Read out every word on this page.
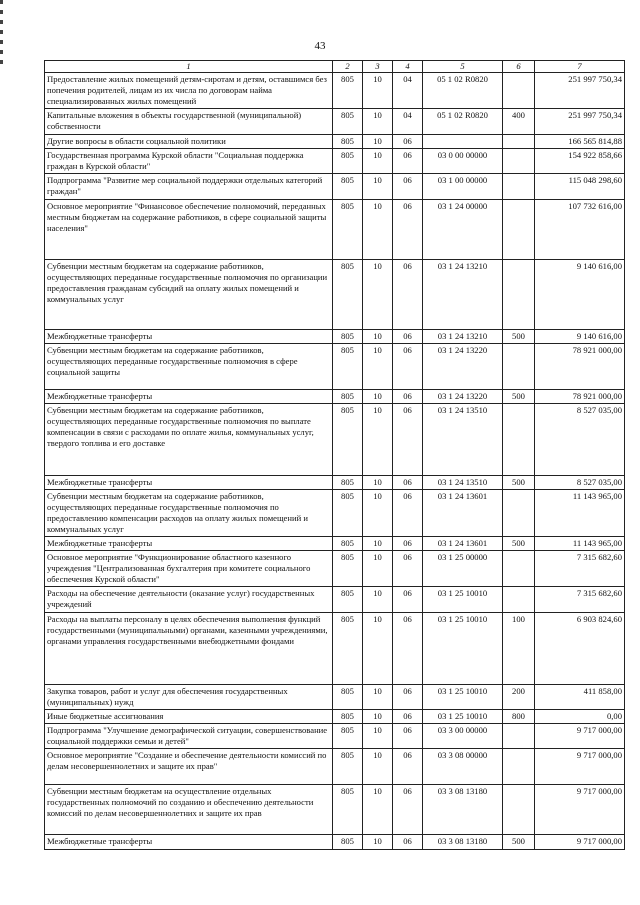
43
1	2	3	4	5	6	7
Предоставление жилых помещений детям-сиротам и детям, оставшимся без попечения родителей, лицам из их числа по договорам найма специализированных жилых помещений	805	10	04	05 1 02 R0820		251 997 750,34
Капитальные вложения в объекты государственной (муниципальной) собственности	805	10	04	05 1 02 R0820	400	251 997 750,34
Другие вопросы в области социальной политики	805	10	06			166 565 814,88
Государственная программа Курской области "Социальная поддержка граждан в Курской области"	805	10	06	03 0 00 00000		154 922 858,66
Подпрограмма "Развитие мер социальной поддержки отдельных категорий граждан"	805	10	06	03 1 00 00000		115 048 298,60
Основное мероприятие "Финансовое обеспечение полномочий, переданных местным бюджетам на содержание работников, в сфере социальной защиты населения"	805	10	06	03 1 24 00000		107 732 616,00
Субвенции местным бюджетам на содержание работников, осуществляющих переданные государственные полномочия по организации предоставления гражданам субсидий на оплату жилых помещений и коммунальных услуг	805	10	06	03 1 24 13210		9 140 616,00
Межбюджетные трансферты	805	10	06	03 1 24 13210	500	9 140 616,00
Субвенции местным бюджетам на содержание работников, осуществляющих переданные государственные полномочия в сфере социальной защиты	805	10	06	03 1 24 13220		78 921 000,00
Межбюджетные трансферты	805	10	06	03 1 24 13220	500	78 921 000,00
Субвенции местным бюджетам на содержание работников, осуществляющих переданные государственные полномочия по выплате компенсации в связи с расходами по оплате жилья, коммунальных услуг, твердого топлива и его доставке	805	10	06	03 1 24 13510		8 527 035,00
Межбюджетные трансферты	805	10	06	03 1 24 13510	500	8 527 035,00
Субвенции местным бюджетам на содержание работников, осуществляющих переданные государственные полномочия по предоставлению компенсации расходов на оплату жилых помещений и коммунальных услуг	805	10	06	03 1 24 13601		11 143 965,00
Межбюджетные трансферты	805	10	06	03 1 24 13601	500	11 143 965,00
Основное мероприятие "Функционирование областного казенного учреждения "Централизованная бухгалтерия при комитете социального обеспечения Курской области"	805	10	06	03 1 25 00000		7 315 682,60
Расходы на обеспечение деятельности (оказание услуг) государственных учреждений	805	10	06	03 1 25 10010		7 315 682,60
Расходы на выплаты персоналу в целях обеспечения выполнения функций государственными (муниципальными) органами, казенными учреждениями, органами управления государственными внебюджетными фондами	805	10	06	03 1 25 10010	100	6 903 824,60
Закупка товаров, работ и услуг для обеспечения государственных (муниципальных) нужд	805	10	06	03 1 25 10010	200	411 858,00
Иные бюджетные ассигнования	805	10	06	03 1 25 10010	800	0,00
Подпрограмма "Улучшение демографической ситуации, совершенствование социальной поддержки семьи и детей"	805	10	06	03 3 00 00000		9 717 000,00
Основное мероприятие "Создание и обеспечение деятельности комиссий по делам несовершеннолетних и защите их прав"	805	10	06	03 3 08 00000		9 717 000,00
Субвенции местным бюджетам на осуществление отдельных государственных полномочий по созданию и обеспечению деятельности комиссий по делам несовершеннолетних и защите их прав	805	10	06	03 3 08 13180		9 717 000,00
Межбюджетные трансферты	805	10	06	03 3 08 13180	500	9 717 000,00
